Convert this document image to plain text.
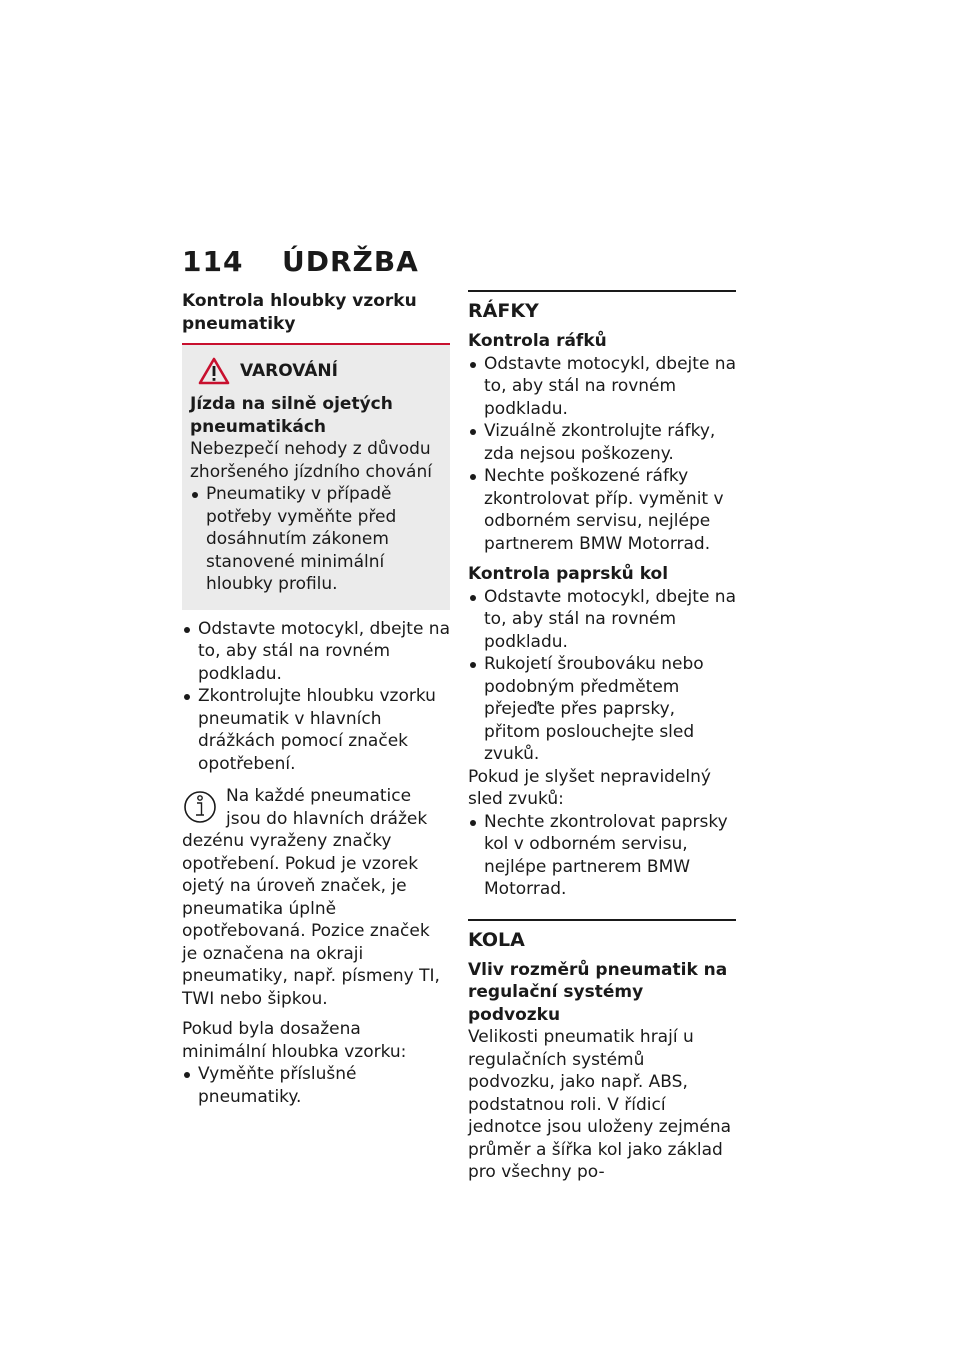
114 ÚDRŽBA
Kontrola hloubky vzorku pneumatiky
VAROVÁNÍ
Jízda na silně ojetých pneumatikách

Nebezpečí nehody z důvodu zhoršeného jízdního chování

Pneumatiky v případě potřeby vyměňte před dosáhnutím zákonem stanovené minimální hloubky profilu.
Odstavte motocykl, dbejte na to, aby stál na rovném podkladu.
Zkontrolujte hloubku vzorku pneumatik v hlavních drážkách pomocí značek opotřebení.

Na každé pneumatice jsou do hlavních drážek dezénu vyraženy značky opotřebení. Pokud je vzorek ojetý na úroveň značek, je pneumatika úplně opotřebovaná. Pozice značek je označena na okraji pneumatiky, např. písmeny TI, TWI nebo šipkou.

Pokud byla dosažena minimální hloubka vzorku:

Vyměňte příslušné pneumatiky.
RÁFKY
Kontrola ráfků
Odstavte motocykl, dbejte na to, aby stál na rovném podkladu.
Vizuálně zkontrolujte ráfky, zda nejsou poškozeny.
Nechte poškozené ráfky zkontrolovat příp. vyměnit v odborném servisu, nejlépe partnerem BMW Motorrad.
Kontrola paprsků kol
Odstavte motocykl, dbejte na to, aby stál na rovném podkladu.
Rukojetí šroubováku nebo podobným předmětem přejeďte přes paprsky, přitom poslouchejte sled zvuků.

Pokud je slyšet nepravidelný sled zvuků:

Nechte zkontrolovat paprsky kol v odborném servisu, nejlépe partnerem BMW Motorrad.
KOLA
Vliv rozměrů pneumatik na regulační systémy podvozku

Velikosti pneumatik hrají u regulačních systémů podvozku, jako např. ABS, podstatnou roli. V řídicí jednotce jsou uloženy zejména průměr a šířka kol jako základ pro všechny po-
